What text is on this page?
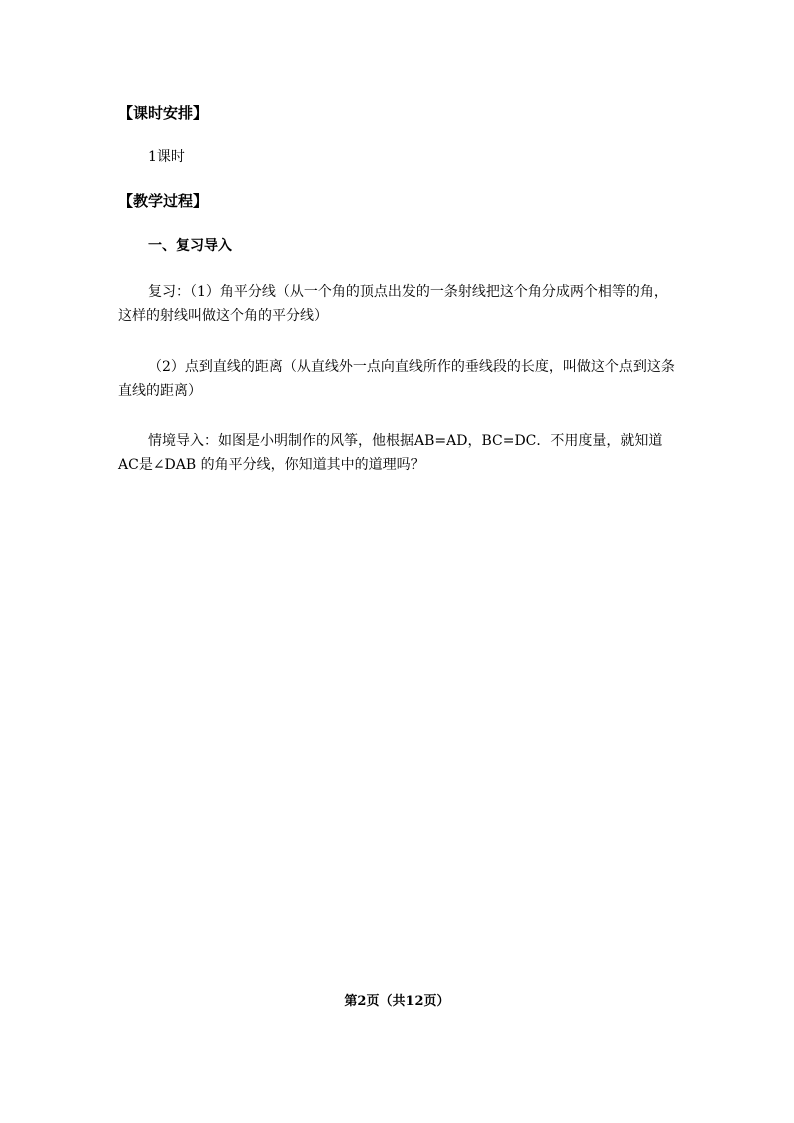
【课时安排】
1课时
【教学过程】
一、复习导入
复习：（1）角平分线（从一个角的顶点出发的一条射线把这个角分成两个相等的角，这样的射线叫做这个角的平分线）
（2）点到直线的距离（从直线外一点向直线所作的垂线段的长度，叫做这个点到这条直线的距离）
情境导入：如图是小明制作的风筝，他根据AB=AD，BC=DC．不用度量，就知道AC是∠DAB 的角平分线，你知道其中的道理吗？
第2页（共12页）
